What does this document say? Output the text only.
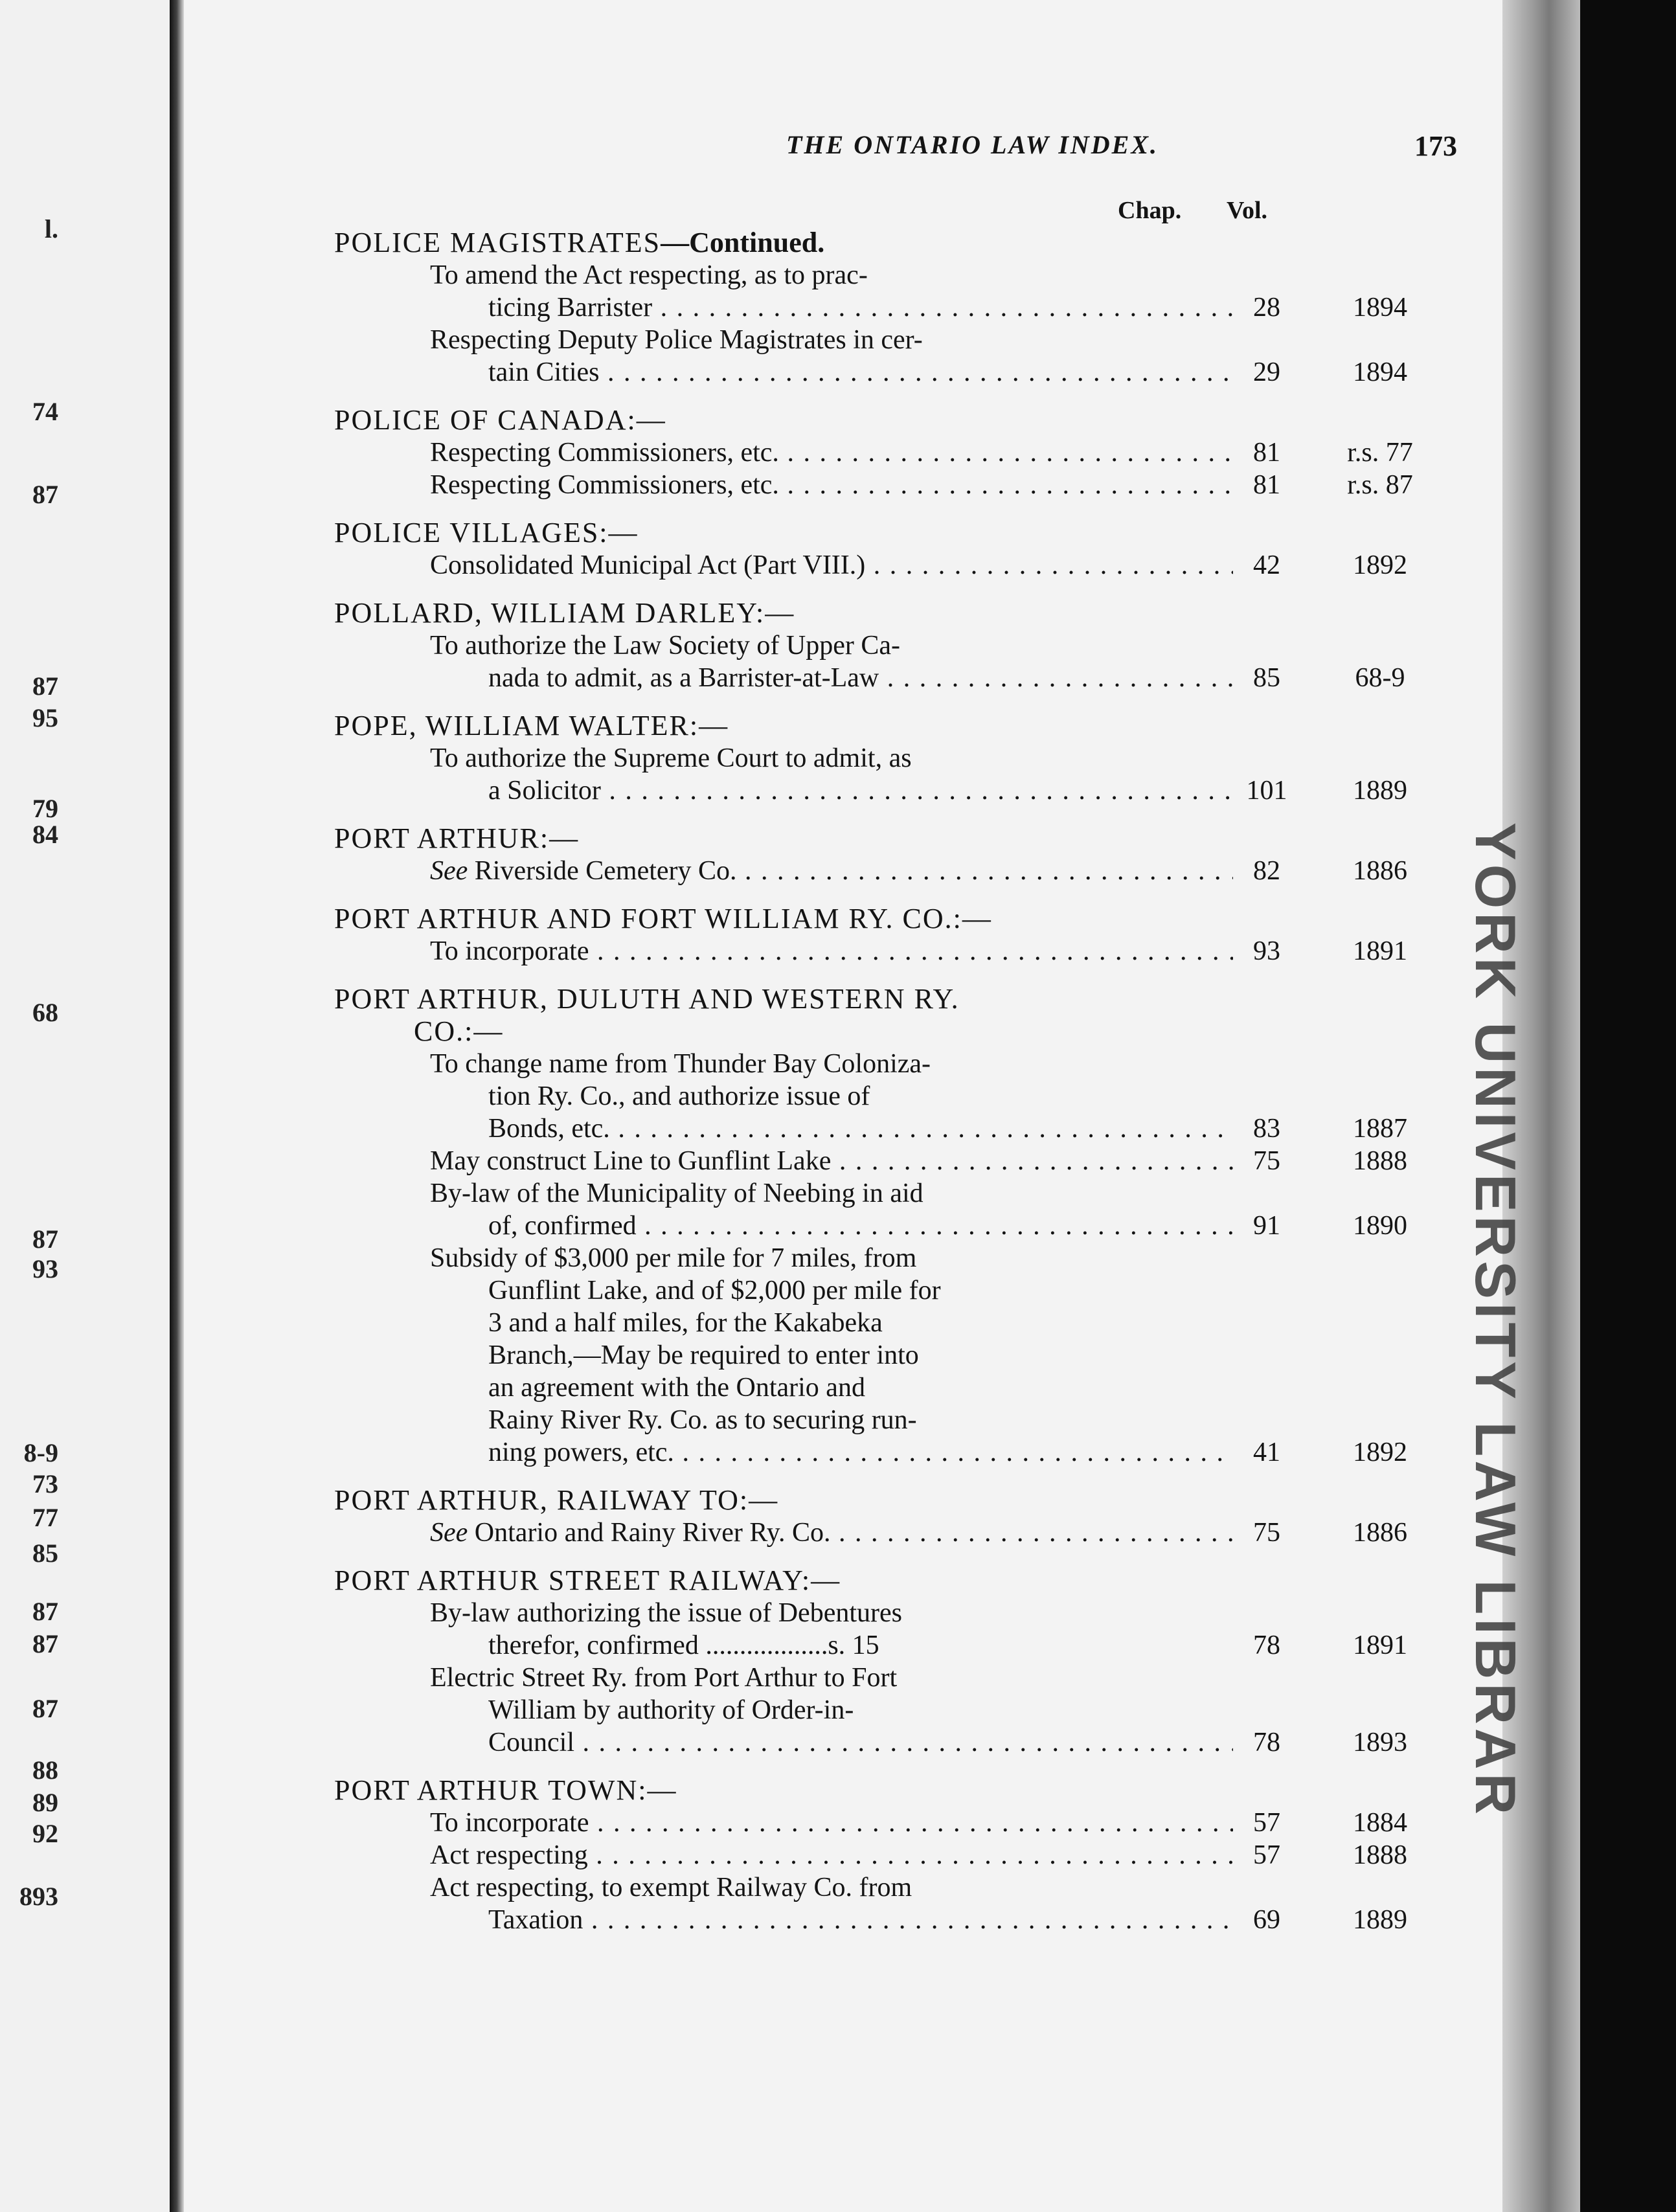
l.
74
87
87
95
79
84
68
87
93
8-9
73
77
85
87
87
87
88
89
92
893
THE ONTARIO LAW INDEX.	173
Chap. Vol.
POLICE MAGISTRATES—Continued.
To amend the Act respecting, as to prac-
ticing Barrister . . .	28	1894
Respecting Deputy Police Magistrates in cer-
tain Cities . . .	29	1894
POLICE OF CANADA:—
Respecting Commissioners, etc. . . .	81	r.s. 77
Respecting Commissioners, etc. . . .	81	r.s. 87
POLICE VILLAGES:—
Consolidated Municipal Act (Part VIII.) . . .	42	1892
POLLARD, WILLIAM DARLEY:—
To authorize the Law Society of Upper Ca-
nada to admit, as a Barrister-at-Law . . .	85	68-9
POPE, WILLIAM WALTER:—
To authorize the Supreme Court to admit, as
a Solicitor . . .	101	1889
PORT ARTHUR:—
See Riverside Cemetery Co. . . .	82	1886
PORT ARTHUR AND FORT WILLIAM RY. CO.:—
To incorporate . . .	93	1891
PORT ARTHUR, DULUTH AND WESTERN RY.
CO.:—
To change name from Thunder Bay Coloniza-
tion Ry. Co., and authorize issue of
Bonds, etc. . . .	83	1887
May construct Line to Gunflint Lake . . .	75	1888
By-law of the Municipality of Neebing in aid
of, confirmed . . .	91	1890
Subsidy of $3,000 per mile for 7 miles, from
Gunflint Lake, and of $2,000 per mile for
3 and a half miles, for the Kakabeka
Branch,—May be required to enter into
an agreement with the Ontario and
Rainy River Ry. Co. as to securing run-
ning powers, etc. . . .	41	1892
PORT ARTHUR, RAILWAY TO:—
See Ontario and Rainy River Ry. Co. . . .	75	1886
PORT ARTHUR STREET RAILWAY:—
By-law authorizing the issue of Debentures
therefor, confirmed ..................s. 15	78	1891
Electric Street Ry. from Port Arthur to Fort
William by authority of Order-in-
Council . . .	78	1893
PORT ARTHUR TOWN:—
To incorporate . . .	57	1884
Act respecting . . .	57	1888
Act respecting, to exempt Railway Co. from
Taxation . . .	69	1889
YORK UNIVERSITY LAW LIBRAR
